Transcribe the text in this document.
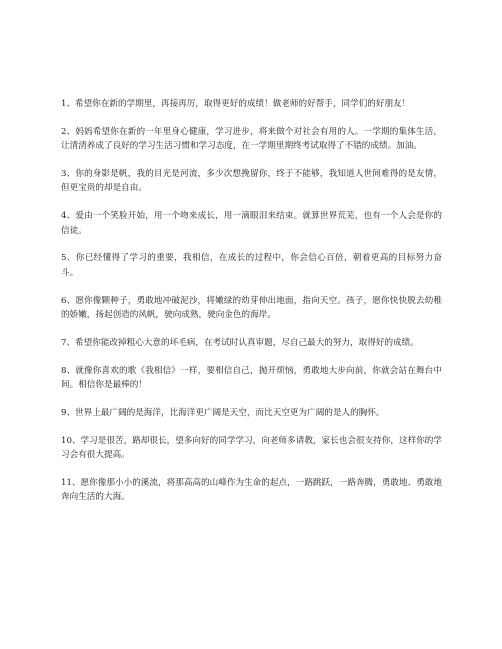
1、希望你在新的学期里，再接再厉，取得更好的成绩！做老师的好帮手，同学们的好朋友！

2、妈妈希望你在新的一年里身心健康，学习进步，将来做个对社会有用的人。一学期的集体生活，让清清养成了良好的学习生活习惯和学习态度，在一学期里期终考试取得了不错的成绩。加油。

3、你的身影是帆，我的目光是河流，多少次想挽留你，终于不能够，我知道人世间难得的是友情，但更宝贵的却是自由。

4、爱由一个笑脸开始，用一个吻来成长，用一滴眼泪来结束。就算世界荒芜，也有一个人会是你的信徒。

5、你已经懂得了学习的重要，我相信，在成长的过程中，你会信心百倍，朝着更高的目标努力奋斗。

6、愿你像颗种子，勇敢地冲破泥沙，将嫩绿的幼芽伸出地面，指向天空。孩子，愿你快快脱去幼稚的娇嫩，扬起创造的风帆，驶向成熟，驶向金色的海岸。

7、希望你能改掉粗心大意的坏毛病，在考试时认真审题，尽自己最大的努力，取得好的成绩。

8、就像你喜欢的歌《我相信》一样，要相信自己，抛开烦恼，勇敢地大步向前，你就会站在舞台中间。相信你是最棒的！

9、世界上最广阔的是海洋，比海洋更广阔是天空，而比天空更为广阔的是人的胸怀。

10、学习是很苦，路却很长，望多向好的同学学习，向老师多请教，家长也会很支持你，这样你的学习会有很大提高。

11、愿你像那小小的溪流，将那高高的山峰作为生命的起点，一路跳跃，一路奔腾，勇敢地、勇敢地奔向生活的大海。
